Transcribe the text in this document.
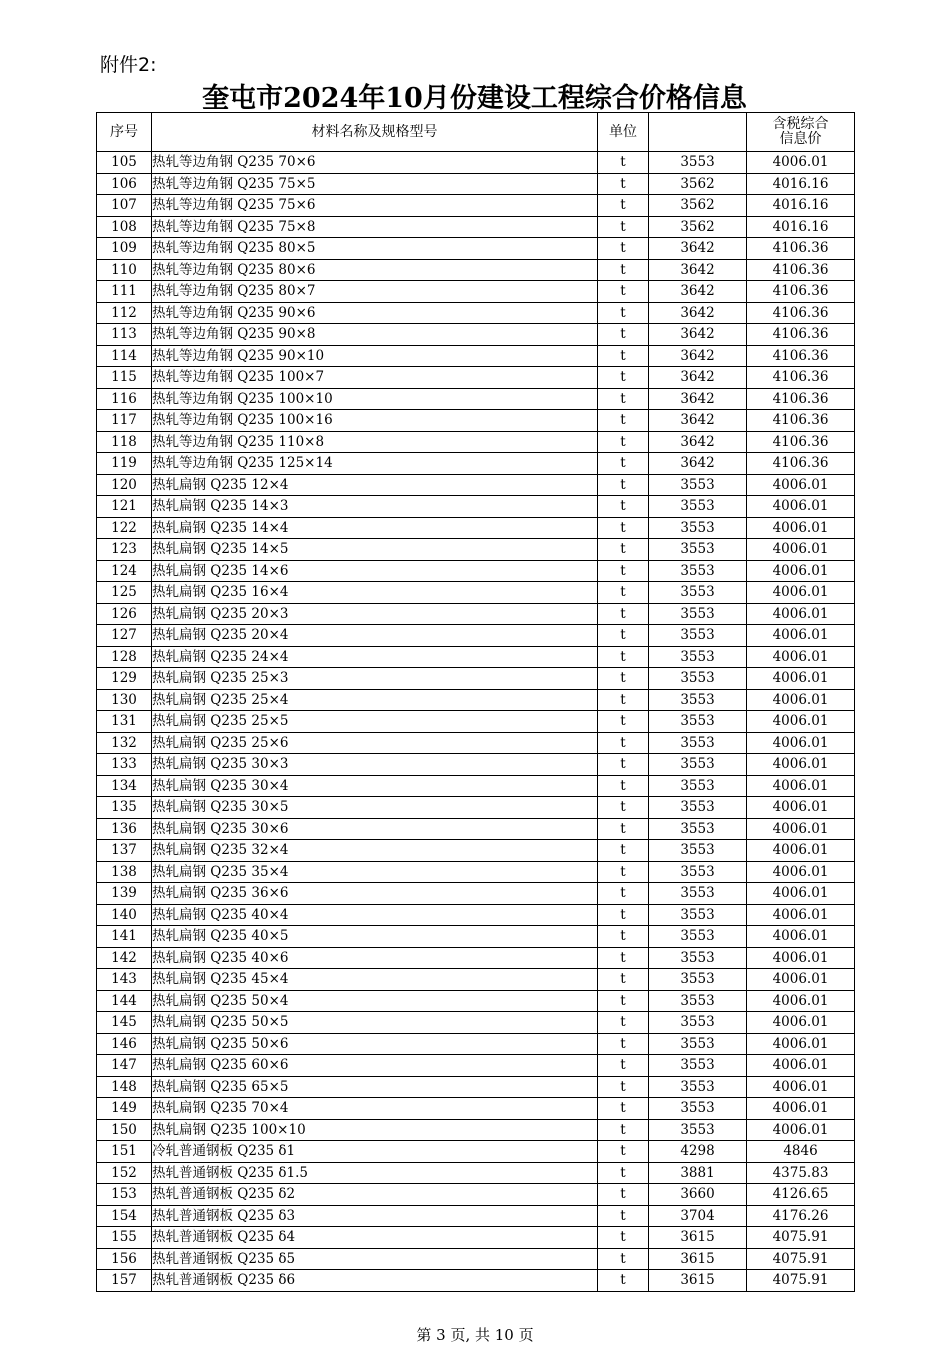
附件2:
奎屯市2024年10月份建设工程综合价格信息
序号	材料名称及规格型号	单位		含税综合
信息价

105	热轧等边角钢 Q235 70×6	t	3553	4006.01
106	热轧等边角钢 Q235 75×5	t	3562	4016.16
107	热轧等边角钢 Q235 75×6	t	3562	4016.16
108	热轧等边角钢 Q235 75×8	t	3562	4016.16
109	热轧等边角钢 Q235 80×5	t	3642	4106.36
110	热轧等边角钢 Q235 80×6	t	3642	4106.36
111	热轧等边角钢 Q235 80×7	t	3642	4106.36
112	热轧等边角钢 Q235 90×6	t	3642	4106.36
113	热轧等边角钢 Q235 90×8	t	3642	4106.36
114	热轧等边角钢 Q235 90×10	t	3642	4106.36
115	热轧等边角钢 Q235 100×7	t	3642	4106.36
116	热轧等边角钢 Q235 100×10	t	3642	4106.36
117	热轧等边角钢 Q235 100×16	t	3642	4106.36
118	热轧等边角钢 Q235 110×8	t	3642	4106.36
119	热轧等边角钢 Q235 125×14	t	3642	4106.36
120	热轧扁钢 Q235 12×4	t	3553	4006.01
121	热轧扁钢 Q235 14×3	t	3553	4006.01
122	热轧扁钢 Q235 14×4	t	3553	4006.01
123	热轧扁钢 Q235 14×5	t	3553	4006.01
124	热轧扁钢 Q235 14×6	t	3553	4006.01
125	热轧扁钢 Q235 16×4	t	3553	4006.01
126	热轧扁钢 Q235 20×3	t	3553	4006.01
127	热轧扁钢 Q235 20×4	t	3553	4006.01
128	热轧扁钢 Q235 24×4	t	3553	4006.01
129	热轧扁钢 Q235 25×3	t	3553	4006.01
130	热轧扁钢 Q235 25×4	t	3553	4006.01
131	热轧扁钢 Q235 25×5	t	3553	4006.01
132	热轧扁钢 Q235 25×6	t	3553	4006.01
133	热轧扁钢 Q235 30×3	t	3553	4006.01
134	热轧扁钢 Q235 30×4	t	3553	4006.01
135	热轧扁钢 Q235 30×5	t	3553	4006.01
136	热轧扁钢 Q235 30×6	t	3553	4006.01
137	热轧扁钢 Q235 32×4	t	3553	4006.01
138	热轧扁钢 Q235 35×4	t	3553	4006.01
139	热轧扁钢 Q235 36×6	t	3553	4006.01
140	热轧扁钢 Q235 40×4	t	3553	4006.01
141	热轧扁钢 Q235 40×5	t	3553	4006.01
142	热轧扁钢 Q235 40×6	t	3553	4006.01
143	热轧扁钢 Q235 45×4	t	3553	4006.01
144	热轧扁钢 Q235 50×4	t	3553	4006.01
145	热轧扁钢 Q235 50×5	t	3553	4006.01
146	热轧扁钢 Q235 50×6	t	3553	4006.01
147	热轧扁钢 Q235 60×6	t	3553	4006.01
148	热轧扁钢 Q235 65×5	t	3553	4006.01
149	热轧扁钢 Q235 70×4	t	3553	4006.01
150	热轧扁钢 Q235 100×10	t	3553	4006.01
151	冷轧普通钢板 Q235 δ1	t	4298	4846
152	热轧普通钢板 Q235 δ1.5	t	3881	4375.83
153	热轧普通钢板 Q235 δ2	t	3660	4126.65
154	热轧普通钢板 Q235 δ3	t	3704	4176.26
155	热轧普通钢板 Q235 δ4	t	3615	4075.91
156	热轧普通钢板 Q235 δ5	t	3615	4075.91
157	热轧普通钢板 Q235 δ6	t	3615	4075.91
第 3 页, 共 10 页
